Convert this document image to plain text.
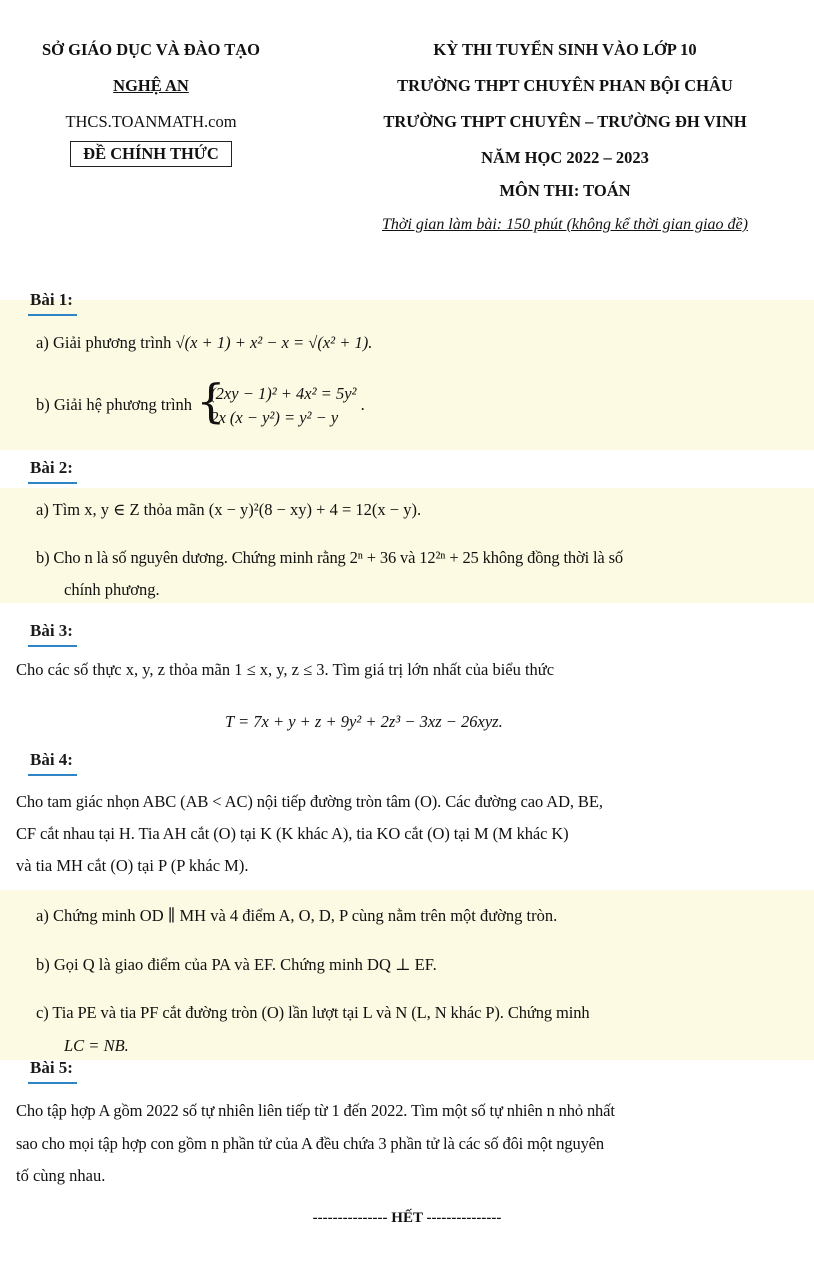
SỞ GIÁO DỤC VÀ ĐÀO TẠO
NGHỆ AN
THCS.TOANMATH.com
ĐỀ CHÍNH THỨC
KỲ THI TUYỂN SINH VÀO LỚP 10
TRƯỜNG THPT CHUYÊN PHAN BỘI CHÂU
TRƯỜNG THPT CHUYÊN – TRƯỜNG ĐH VINH
NĂM HỌC 2022 – 2023
MÔN THI: TOÁN
Thời gian làm bài: 150 phút (không kể thời gian giao đề)
Bài 1:
a) Giải phương trình √(x + 1) + x² − x = √(x² + 1).
b) Giải hệ phương trình {
(2xy − 1)² + 4x² = 5y²
2x (x − y²) = y² − y
.
Bài 2:
a) Tìm x, y ∈ Z thỏa mãn (x − y)²(8 − xy) + 4 = 12(x − y).
b) Cho n là số nguyên dương. Chứng minh rằng 2ⁿ + 36 và 12²ⁿ + 25 không đồng thời là số
chính phương.
Bài 3:
Cho các số thực x, y, z thỏa mãn 1 ≤ x, y, z ≤ 3. Tìm giá trị lớn nhất của biểu thức
T = 7x + y + z + 9y² + 2z³ − 3xz − 26xyz.
Bài 4:
Cho tam giác nhọn ABC (AB < AC) nội tiếp đường tròn tâm (O). Các đường cao AD, BE,
CF cắt nhau tại H. Tia AH cắt (O) tại K (K khác A), tia KO cắt (O) tại M (M khác K)
và tia MH cắt (O) tại P (P khác M).
a) Chứng minh OD ∥ MH và 4 điểm A, O, D, P cùng nằm trên một đường tròn.
b) Gọi Q là giao điểm của PA và EF. Chứng minh DQ ⊥ EF.
c) Tia PE và tia PF cắt đường tròn (O) lần lượt tại L và N (L, N khác P). Chứng minh
LC = NB.
Bài 5:
Cho tập hợp A gồm 2022 số tự nhiên liên tiếp từ 1 đến 2022. Tìm một số tự nhiên n nhỏ nhất
sao cho mọi tập hợp con gồm n phần tử của A đều chứa 3 phần tử là các số đôi một nguyên
tố cùng nhau.
--------------- HẾT ---------------
